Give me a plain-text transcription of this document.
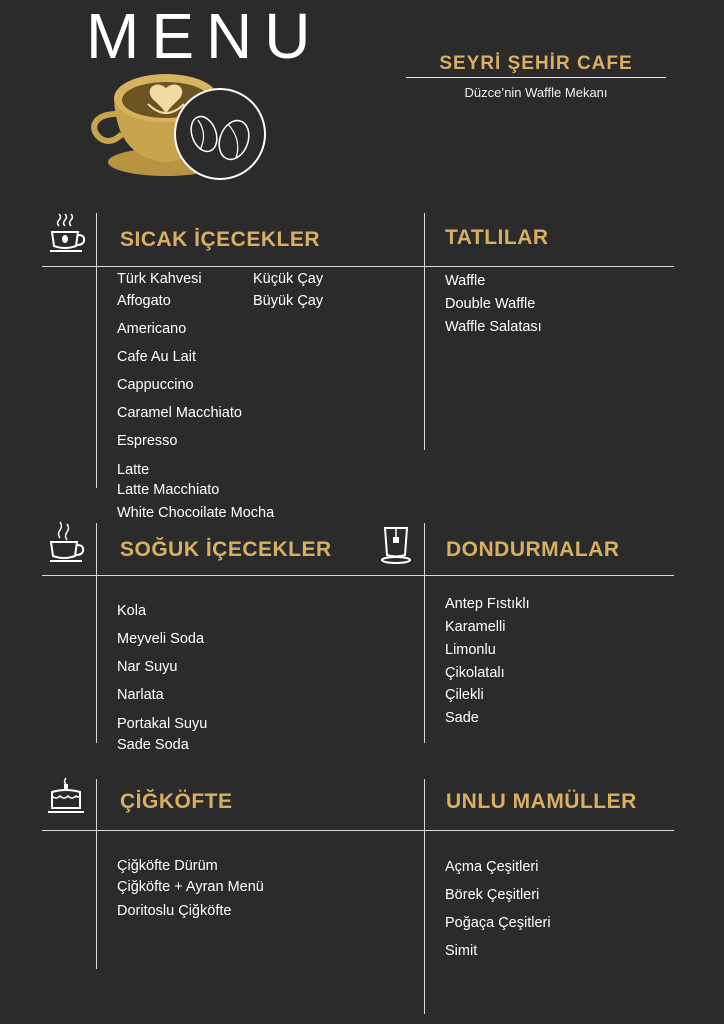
MENU	SEYRİ ŞEHİR CAFE
Düzce’nin Waffle Mekanı
SICAK İÇECEKLER	TATLILAR
Türk Kahvesi
Affogato
Americano
Cafe Au Lait
Cappuccino
Caramel Macchiato
Espresso
Latte
Latte Macchiato
White Chocoilate Mocha
Küçük Çay
Büyük Çay
Waffle
Double Waffle
Waffle Salatası
SOĞUK İÇECEKLER	DONDURMALAR
Kola
Meyveli Soda
Nar Suyu
Narlata
Portakal Suyu
Sade Soda
Antep Fıstıklı
Karamelli
Limonlu
Çikolatalı
Çilekli
Sade
ÇİĞKÖFTE	UNLU MAMÜLLER
Çiğköfte Dürüm
Çiğköfte + Ayran Menü
Doritoslu Çiğköfte
Açma Çeşitleri
Börek Çeşitleri
Poğaça Çeşitleri
Simit
